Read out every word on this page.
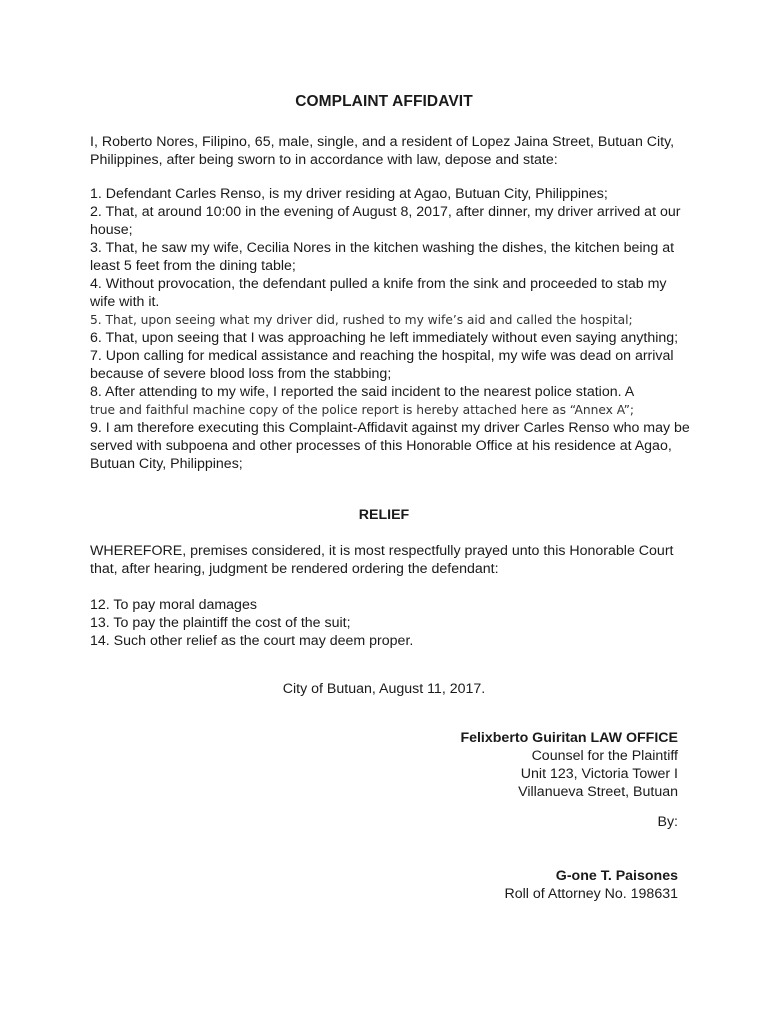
COMPLAINT AFFIDAVIT

I, Roberto Nores, Filipino, 65, male, single, and a resident of Lopez Jaina Street, Butuan City, Philippines, after being sworn to in accordance with law, depose and state:

1. Defendant Carles Renso, is my driver residing at Agao, Butuan City, Philippines;

2. That, at around 10:00 in the evening of August 8, 2017, after dinner, my driver arrived at our house;

3. That, he saw my wife, Cecilia Nores in the kitchen washing the dishes, the kitchen being at least 5 feet from the dining table;

4. Without provocation, the defendant pulled a knife from the sink and proceeded to stab my wife with it.

5. That, upon seeing what my driver did, rushed to my wife’s aid and called the hospital;

6. That, upon seeing that I was approaching he left immediately without even saying anything;

7. Upon calling for medical assistance and reaching the hospital, my wife was dead on arrival because of severe blood loss from the stabbing;

8. After attending to my wife, I reported the said incident to the nearest police station. A

true and faithful machine copy of the police report is hereby attached here as “Annex A”;

9. I am therefore executing this Complaint-Affidavit against my driver Carles Renso who may be served with subpoena and other processes of this Honorable Office at his residence at Agao, Butuan City, Philippines;

RELIEF

WHEREFORE, premises considered, it is most respectfully prayed unto this Honorable Court that, after hearing, judgment be rendered ordering the defendant:

12. To pay moral damages

13. To pay the plaintiff the cost of the suit;

14. Such other relief as the court may deem proper.

City of Butuan, August 11, 2017.
Felixberto Guiritan LAW OFFICE
Counsel for the Plaintiff
Unit 123, Victoria Tower I
Villanueva Street, Butuan
By:
G-one T. Paisones
Roll of Attorney No. 198631
